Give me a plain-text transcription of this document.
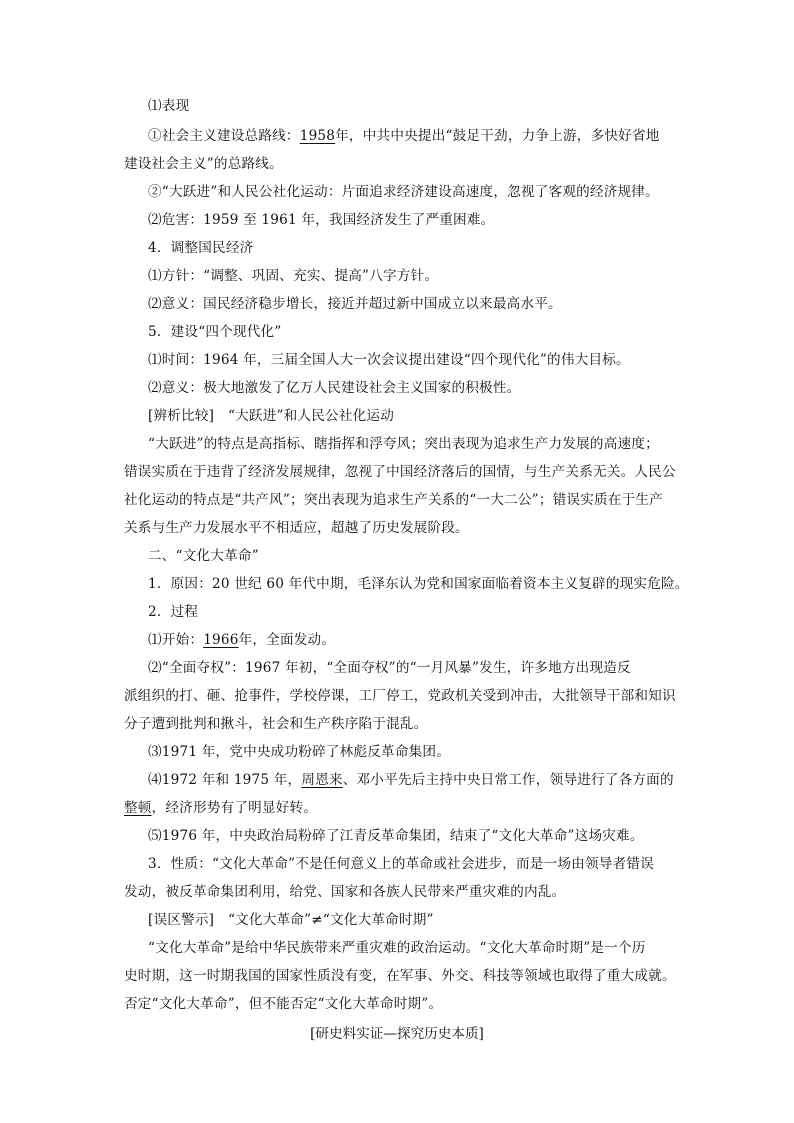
⑴表现
①社会主义建设总路线：1958年，中共中央提出“鼓足干劲，力争上游，多快好省地
建设社会主义”的总路线。
②“大跃进”和人民公社化运动：片面追求经济建设高速度，忽视了客观的经济规律。
⑵危害：1959 至 1961 年，我国经济发生了严重困难。
4．调整国民经济
⑴方针：“调整、巩固、充实、提高”八字方针。
⑵意义：国民经济稳步增长，接近并超过新中国成立以来最高水平。
5．建设“四个现代化”
⑴时间：1964 年，三届全国人大一次会议提出建设“四个现代化”的伟大目标。
⑵意义：极大地激发了亿万人民建设社会主义国家的积极性。
[辨析比较]　“大跃进”和人民公社化运动
“大跃进”的特点是高指标、瞎指挥和浮夸风；突出表现为追求生产力发展的高速度；
错误实质在于违背了经济发展规律，忽视了中国经济落后的国情，与生产关系无关。人民公
社化运动的特点是“共产风”；突出表现为追求生产关系的“一大二公”；错误实质在于生产
关系与生产力发展水平不相适应，超越了历史发展阶段。
二、“文化大革命”
1．原因：20 世纪 60 年代中期，毛泽东认为党和国家面临着资本主义复辟的现实危险。
2．过程
⑴开始：1966年，全面发动。
⑵“全面夺权”：1967 年初，“全面夺权”的“一月风暴”发生，许多地方出现造反
派组织的打、砸、抢事件，学校停课，工厂停工，党政机关受到冲击，大批领导干部和知识
分子遭到批判和揪斗，社会和生产秩序陷于混乱。
⑶1971 年，党中央成功粉碎了林彪反革命集团。
⑷1972 年和 1975 年，周恩来、邓小平先后主持中央日常工作，领导进行了各方面的
整顿，经济形势有了明显好转。
⑸1976 年，中央政治局粉碎了江青反革命集团，结束了“文化大革命”这场灾难。
3．性质：“文化大革命”不是任何意义上的革命或社会进步，而是一场由领导者错误
发动，被反革命集团利用，给党、国家和各族人民带来严重灾难的内乱。
[误区警示]　“文化大革命”≠“文化大革命时期”
“文化大革命”是给中华民族带来严重灾难的政治运动。“文化大革命时期”是一个历
史时期，这一时期我国的国家性质没有变，在军事、外交、科技等领域也取得了重大成就。
否定“文化大革命”，但不能否定“文化大革命时期”。
[研史料实证—探究历史本质]
